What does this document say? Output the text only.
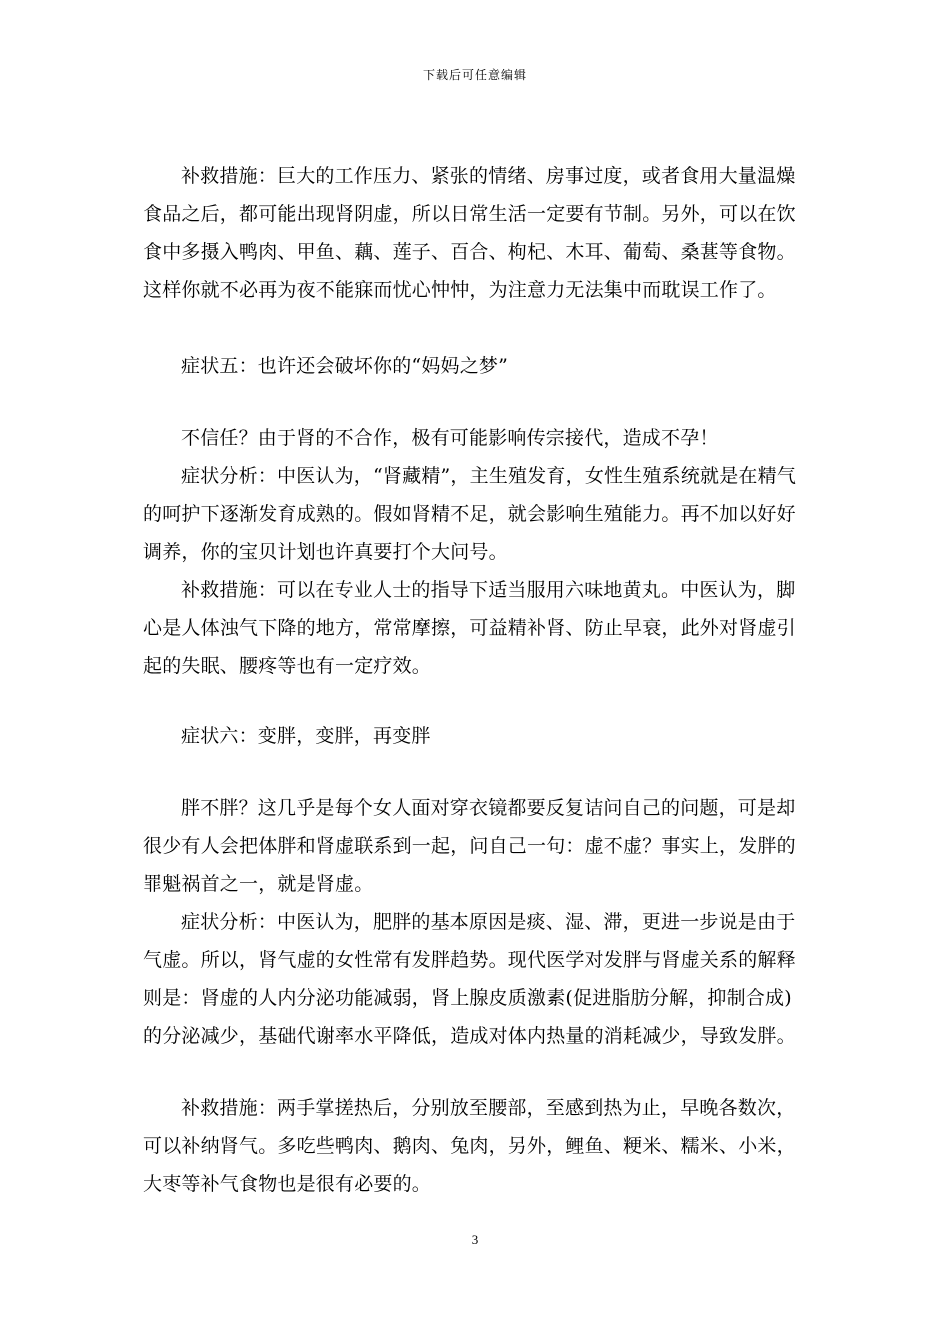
下载后可任意编辑

补救措施：巨大的工作压力、紧张的情绪、房事过度，或者食用大量温燥食品之后，都可能出现肾阴虚，所以日常生活一定要有节制。另外，可以在饮食中多摄入鸭肉、甲鱼、藕、莲子、百合、枸杞、木耳、葡萄、桑葚等食物。这样你就不必再为夜不能寐而忧心忡忡，为注意力无法集中而耽误工作了。

症状五：也许还会破坏你的“妈妈之梦”

不信任？由于肾的不合作，极有可能影响传宗接代，造成不孕！

症状分析：中医认为，“肾藏精”，主生殖发育，女性生殖系统就是在精气的呵护下逐渐发育成熟的。假如肾精不足，就会影响生殖能力。再不加以好好调养，你的宝贝计划也许真要打个大问号。

补救措施：可以在专业人士的指导下适当服用六味地黄丸。中医认为，脚心是人体浊气下降的地方，常常摩擦，可益精补肾、防止早衰，此外对肾虚引起的失眠、腰疼等也有一定疗效。

症状六：变胖，变胖，再变胖

胖不胖？这几乎是每个女人面对穿衣镜都要反复诘问自己的问题，可是却很少有人会把体胖和肾虚联系到一起，问自己一句：虚不虚？事实上，发胖的罪魁祸首之一，就是肾虚。

症状分析：中医认为，肥胖的基本原因是痰、湿、滞，更进一步说是由于气虚。所以，肾气虚的女性常有发胖趋势。现代医学对发胖与肾虚关系的解释则是：肾虚的人内分泌功能减弱，肾上腺皮质激素(促进脂肪分解，抑制合成)的分泌减少，基础代谢率水平降低，造成对体内热量的消耗减少，导致发胖。

补救措施：两手掌搓热后，分别放至腰部，至感到热为止，早晚各数次，可以补纳肾气。多吃些鸭肉、鹅肉、兔肉，另外，鲤鱼、粳米、糯米、小米，大枣等补气食物也是很有必要的。

3
